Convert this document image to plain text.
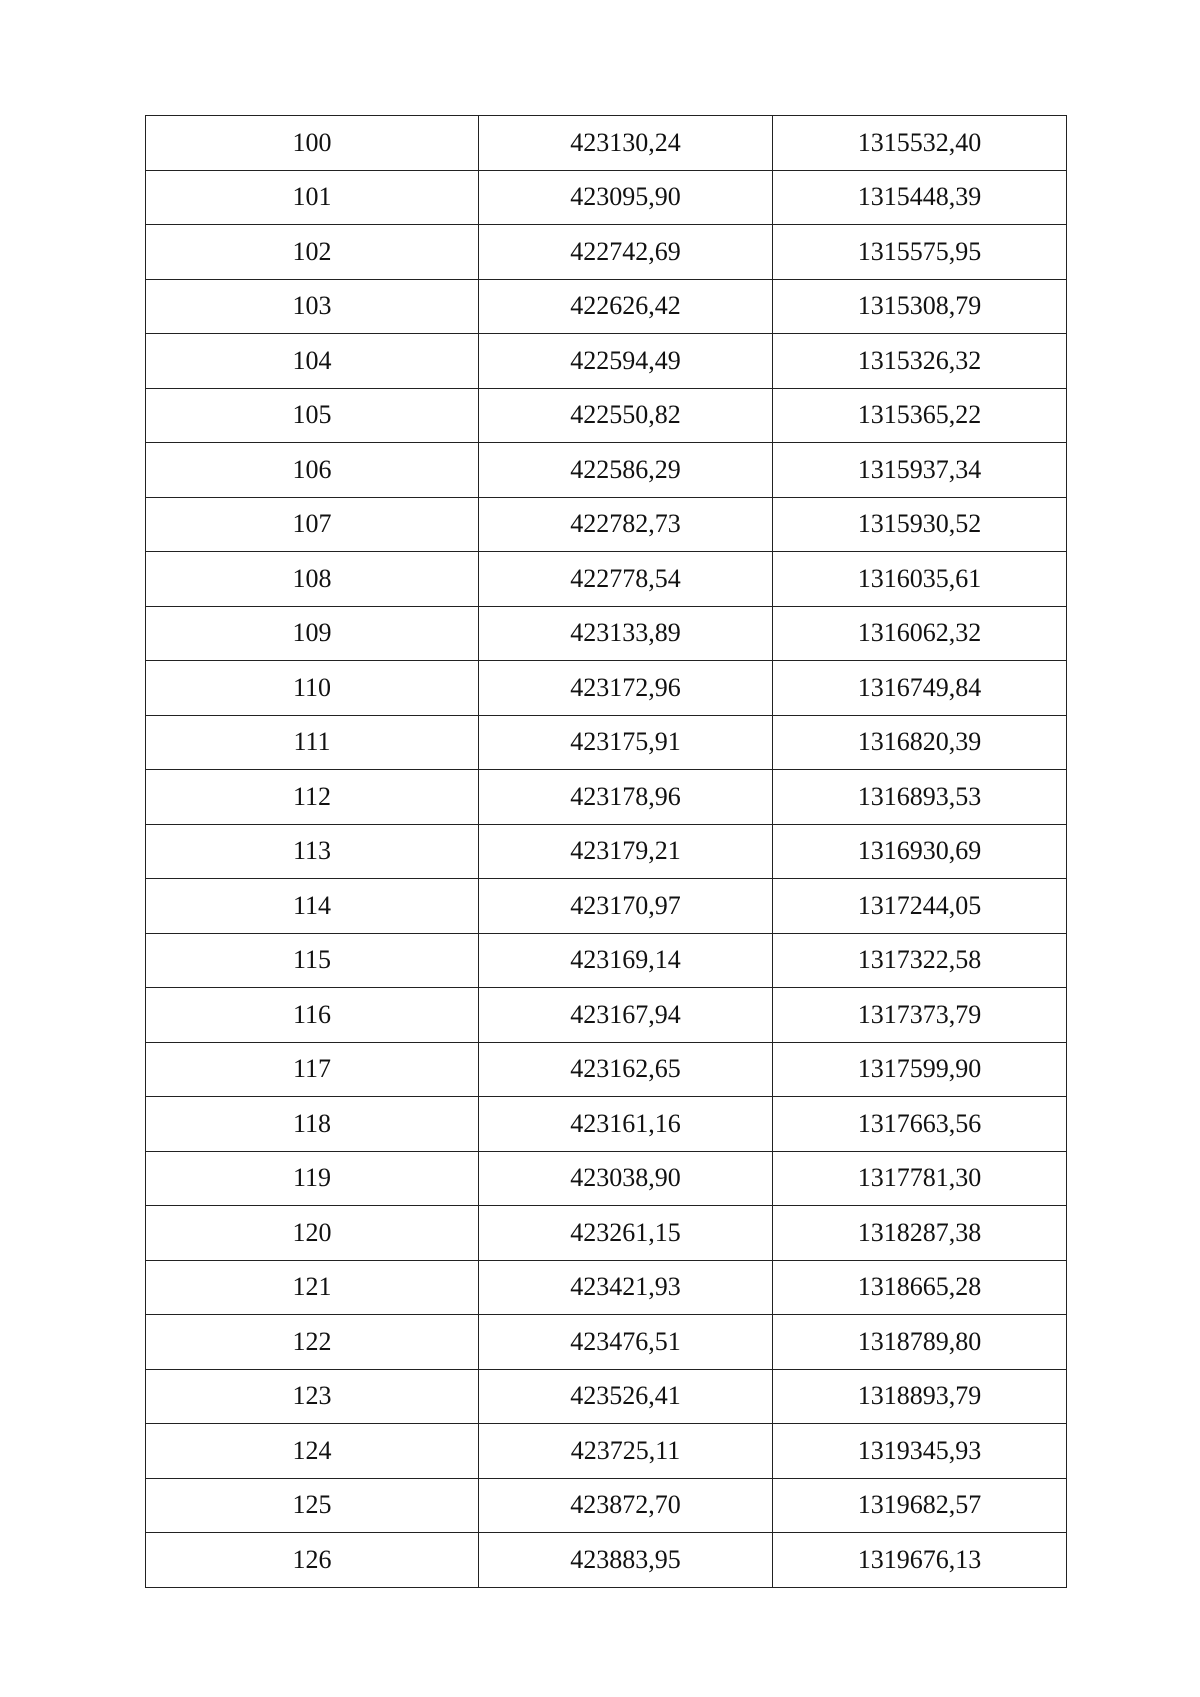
100	423130,24	1315532,40
101	423095,90	1315448,39
102	422742,69	1315575,95
103	422626,42	1315308,79
104	422594,49	1315326,32
105	422550,82	1315365,22
106	422586,29	1315937,34
107	422782,73	1315930,52
108	422778,54	1316035,61
109	423133,89	1316062,32
110	423172,96	1316749,84
111	423175,91	1316820,39
112	423178,96	1316893,53
113	423179,21	1316930,69
114	423170,97	1317244,05
115	423169,14	1317322,58
116	423167,94	1317373,79
117	423162,65	1317599,90
118	423161,16	1317663,56
119	423038,90	1317781,30
120	423261,15	1318287,38
121	423421,93	1318665,28
122	423476,51	1318789,80
123	423526,41	1318893,79
124	423725,11	1319345,93
125	423872,70	1319682,57
126	423883,95	1319676,13
